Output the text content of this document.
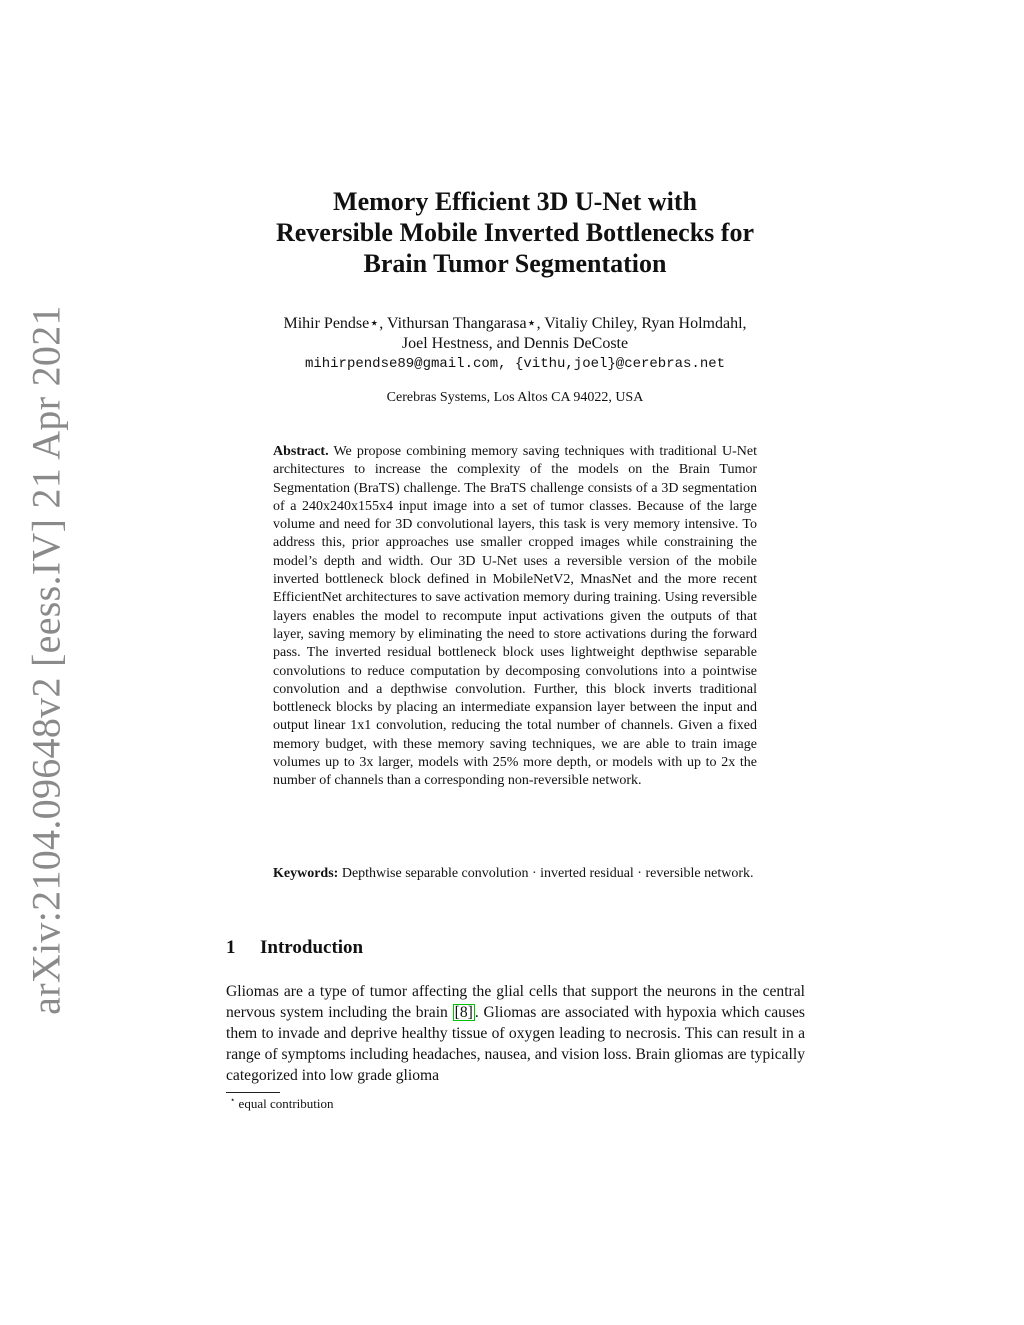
arXiv:2104.09648v2 [eess.IV] 21 Apr 2021
Memory Efficient 3D U-Net with
Reversible Mobile Inverted Bottlenecks for
Brain Tumor Segmentation
Mihir Pendse⋆, Vithursan Thangarasa⋆, Vitaliy Chiley, Ryan Holmdahl,
Joel Hestness, and Dennis DeCoste
mihirpendse89@gmail.com, {vithu,joel}@cerebras.net
Cerebras Systems, Los Altos CA 94022, USA
Abstract. We propose combining memory saving techniques with traditional U-Net architectures to increase the complexity of the models on the Brain Tumor Segmentation (BraTS) challenge. The BraTS challenge consists of a 3D segmentation of a 240x240x155x4 input image into a set of tumor classes. Because of the large volume and need for 3D convolutional layers, this task is very memory intensive. To address this, prior approaches use smaller cropped images while constraining the model’s depth and width. Our 3D U-Net uses a reversible version of the mobile inverted bottleneck block defined in MobileNetV2, MnasNet and the more recent EfficientNet architectures to save activation memory during training. Using reversible layers enables the model to recompute input activations given the outputs of that layer, saving memory by eliminating the need to store activations during the forward pass. The inverted residual bottleneck block uses lightweight depthwise separable convolutions to reduce computation by decomposing convolutions into a pointwise convolution and a depthwise convolution. Further, this block inverts traditional bottleneck blocks by placing an intermediate expansion layer between the input and output linear 1x1 convolution, reducing the total number of channels. Given a fixed memory budget, with these memory saving techniques, we are able to train image volumes up to 3x larger, models with 25% more depth, or models with up to 2x the number of channels than a corresponding non-reversible network.
Keywords: Depthwise separable convolution · inverted residual · reversible network.
1 Introduction
Gliomas are a type of tumor affecting the glial cells that support the neurons in the central nervous system including the brain [8] . Gliomas are associated with hypoxia which causes them to invade and deprive healthy tissue of oxygen leading to necrosis. This can result in a range of symptoms including headaches, nausea, and vision loss. Brain gliomas are typically categorized into low grade glioma
⋆ equal contribution
